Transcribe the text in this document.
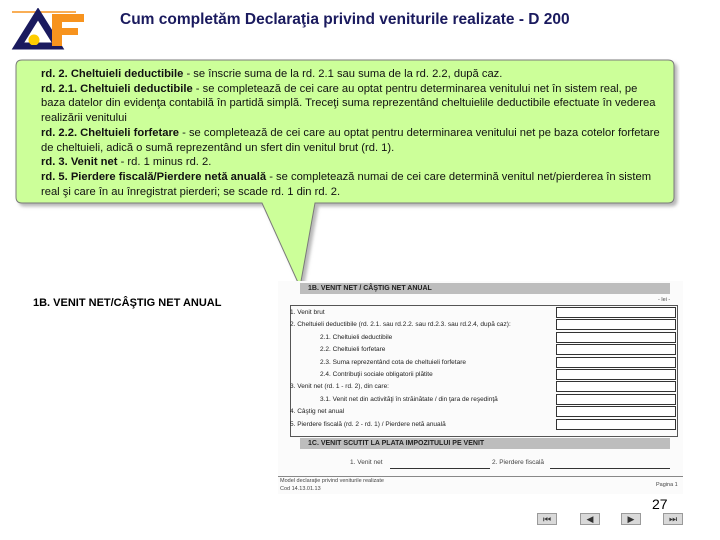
Cum completăm Declaraţia privind veniturile realizate - D 200

rd. 2. Cheltuieli deductibile - se înscrie suma de la rd. 2.1 sau suma de la rd. 2.2, după caz.

rd. 2.1. Cheltuieli deductibile - se completează de cei care au optat pentru determinarea venitului net în sistem real, pe baza datelor din evidenţa contabilă în partidă simplă. Treceţi suma reprezentând cheltuielile deductibile efectuate în vederea realizării venitului

rd. 2.2. Cheltuieli forfetare - se completează de cei care au optat pentru determinarea venitului net pe baza cotelor forfetare de cheltuieli, adică o sumă reprezentând un sfert din venitul brut (rd. 1).

rd. 3. Venit net - rd. 1 minus rd. 2.

rd. 5. Pierdere fiscală/Pierdere netă anuală - se completează numai de cei care determină venitul net/pierderea în sistem real şi care în au înregistrat pierderi; se scade rd. 1 din rd. 2.

1B. VENIT NET/CÂŞTIG NET ANUAL
1B. VENIT NET / CÂŞTIG NET ANUAL
- lei -
1. Venit brut
2. Cheltuieli deductibile (rd. 2.1. sau rd.2.2. sau rd.2.3. sau rd.2.4, după caz):
2.1. Cheltuieli deductibile
2.2. Cheltuieli forfetare
2.3. Suma reprezentând cota de cheltuieli forfetare
2.4. Contribuţii sociale obligatorii plătite
3. Venit net (rd. 1 - rd. 2), din care:
3.1. Venit net din activităţi în străinătate / din ţara de reşedinţă
4. Câştig net anual
5. Pierdere fiscală (rd. 2 - rd. 1) / Pierdere netă anuală
1C. VENIT SCUTIT LA PLATA IMPOZITULUI PE VENIT
1. Venit net	2. Pierdere fiscală
Model declaraţie privind veniturile realizate
Cod 14.13.01.13
Pagina 1
27
⏮	◀	▶	⏭
